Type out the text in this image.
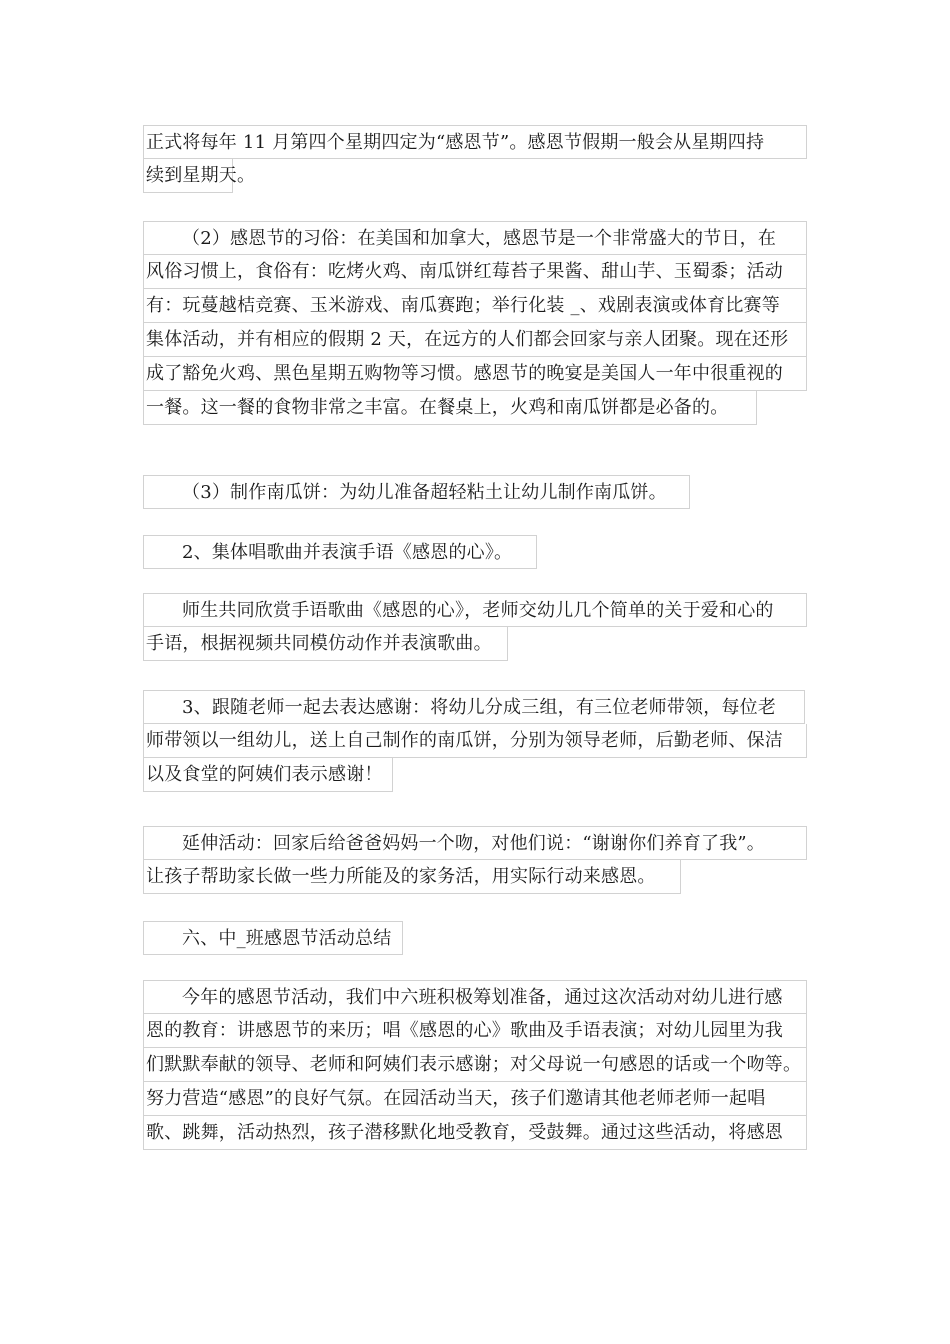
正式将每年 11 月第四个星期四定为“感恩节”。感恩节假期一般会从星期四持
续到星期天。
（2）感恩节的习俗：在美国和加拿大，感恩节是一个非常盛大的节日，在
风俗习惯上，食俗有：吃烤火鸡、南瓜饼红莓苔子果酱、甜山芋、玉蜀黍；活动
有：玩蔓越桔竞赛、玉米游戏、南瓜赛跑；举行化装 _、戏剧表演或体育比赛等
集体活动，并有相应的假期 2 天，在远方的人们都会回家与亲人团聚。现在还形
成了豁免火鸡、黑色星期五购物等习惯。感恩节的晚宴是美国人一年中很重视的
一餐。这一餐的食物非常之丰富。在餐桌上，火鸡和南瓜饼都是必备的。
（3）制作南瓜饼：为幼儿准备超轻粘土让幼儿制作南瓜饼。
2、集体唱歌曲并表演手语《感恩的心》。
师生共同欣赏手语歌曲《感恩的心》，老师交幼儿几个简单的关于爱和心的
手语，根据视频共同模仿动作并表演歌曲。
3、跟随老师一起去表达感谢：将幼儿分成三组，有三位老师带领，每位老
师带领以一组幼儿，送上自己制作的南瓜饼，分别为领导老师，后勤老师、保洁
以及食堂的阿姨们表示感谢！
延伸活动：回家后给爸爸妈妈一个吻，对他们说：“谢谢你们养育了我”。
让孩子帮助家长做一些力所能及的家务活，用实际行动来感恩。
六、中_班感恩节活动总结
今年的感恩节活动，我们中六班积极筹划准备，通过这次活动对幼儿进行感
恩的教育：讲感恩节的来历；唱《感恩的心》歌曲及手语表演；对幼儿园里为我
们默默奉献的领导、老师和阿姨们表示感谢；对父母说一句感恩的话或一个吻等。
努力营造“感恩”的良好气氛。在园活动当天，孩子们邀请其他老师老师一起唱
歌、跳舞，活动热烈，孩子潜移默化地受教育，受鼓舞。通过这些活动，将感恩
